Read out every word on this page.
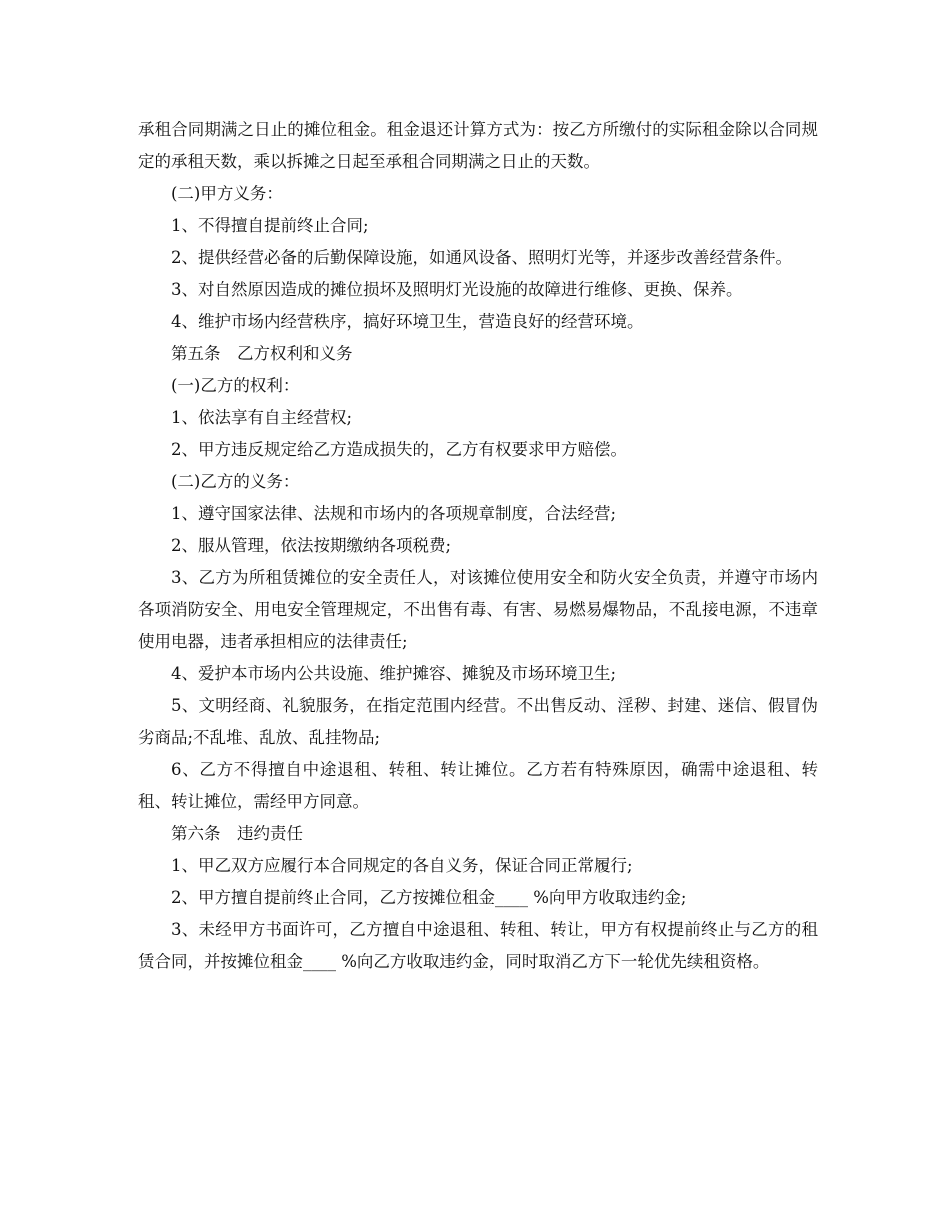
承租合同期满之日止的摊位租金。租金退还计算方式为：按乙方所缴付的实际租金除以合同规定的承租天数，乘以拆摊之日起至承租合同期满之日止的天数。

(二)甲方义务：

1、不得擅自提前终止合同;

2、提供经营必备的后勤保障设施，如通风设备、照明灯光等，并逐步改善经营条件。

3、对自然原因造成的摊位损坏及照明灯光设施的故障进行维修、更换、保养。

4、维护市场内经营秩序，搞好环境卫生，营造良好的经营环境。

第五条　乙方权利和义务

(一)乙方的权利：

1、依法享有自主经营权;

2、甲方违反规定给乙方造成损失的，乙方有权要求甲方赔偿。

(二)乙方的义务：

1、遵守国家法律、法规和市场内的各项规章制度，合法经营;

2、服从管理，依法按期缴纳各项税费;

3、乙方为所租赁摊位的安全责任人，对该摊位使用安全和防火安全负责，并遵守市场内各项消防安全、用电安全管理规定，不出售有毒、有害、易燃易爆物品，不乱接电源，不违章使用电器，违者承担相应的法律责任;

4、爱护本市场内公共设施、维护摊容、摊貌及市场环境卫生;

5、文明经商、礼貌服务，在指定范围内经营。不出售反动、淫秽、封建、迷信、假冒伪劣商品;不乱堆、乱放、乱挂物品;

6、乙方不得擅自中途退租、转租、转让摊位。乙方若有特殊原因，确需中途退租、转租、转让摊位，需经甲方同意。

第六条　违约责任

1、甲乙双方应履行本合同规定的各自义务，保证合同正常履行;

2、甲方擅自提前终止合同，乙方按摊位租金____ %向甲方收取违约金;

3、未经甲方书面许可，乙方擅自中途退租、转租、转让，甲方有权提前终止与乙方的租赁合同，并按摊位租金____ %向乙方收取违约金，同时取消乙方下一轮优先续租资格。
